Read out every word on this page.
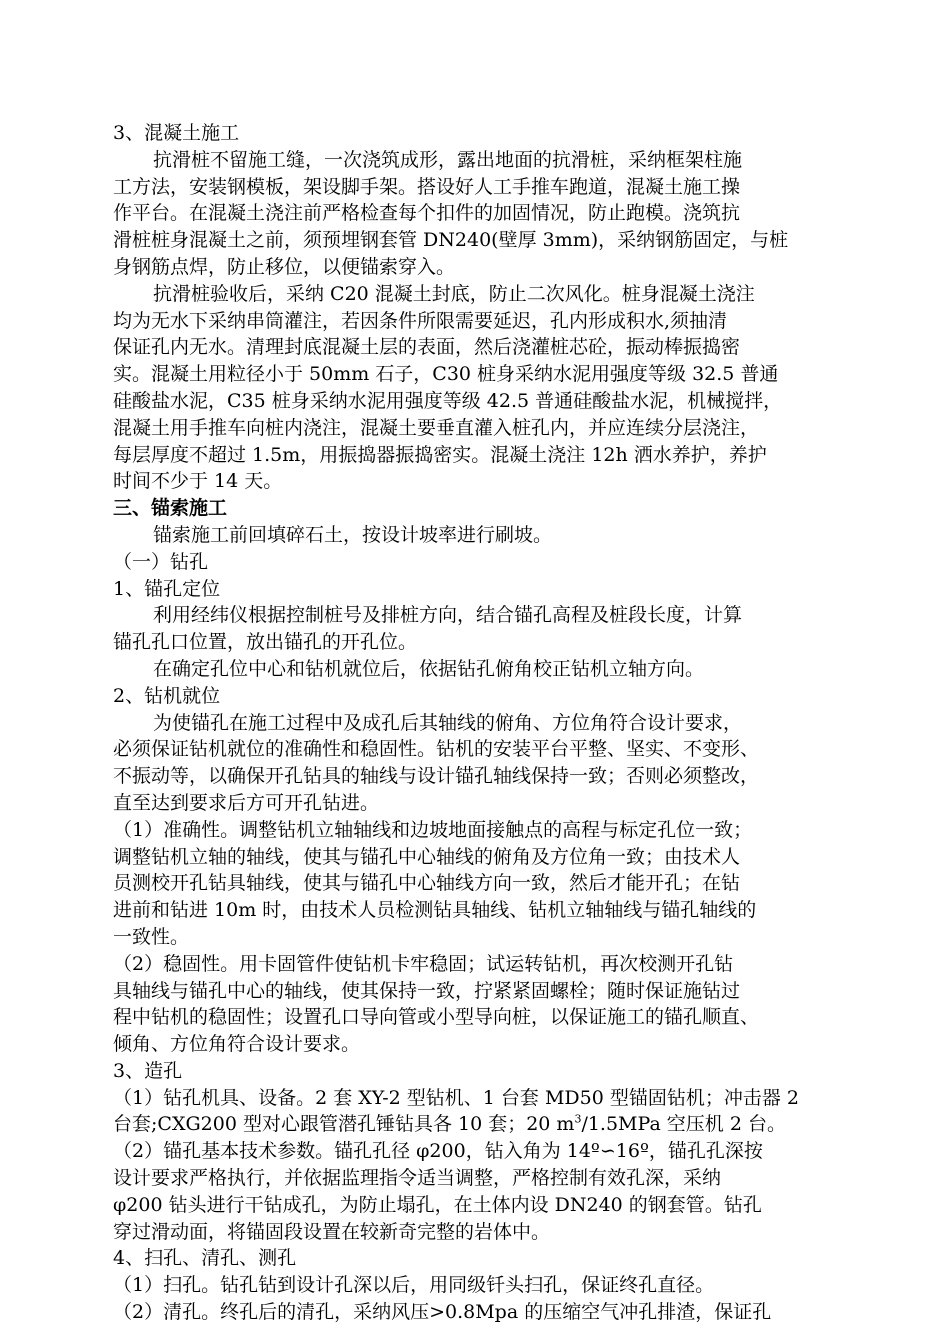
3、混凝土施工
抗滑桩不留施工缝，一次浇筑成形，露出地面的抗滑桩，采纳框架柱施
工方法，安装钢模板，架设脚手架。搭设好人工手推车跑道，混凝土施工操
作平台。在混凝土浇注前严格检查每个扣件的加固情况，防止跑模。浇筑抗
滑桩桩身混凝土之前，须预埋钢套管 DN240(壁厚 3mm)，采纳钢筋固定，与桩
身钢筋点焊，防止移位，以便锚索穿入。
抗滑桩验收后，采纳 C20 混凝土封底，防止二次风化。桩身混凝土浇注
均为无水下采纳串筒灌注，若因条件所限需要延迟，孔内形成积水,须抽清
保证孔内无水。清理封底混凝土层的表面，然后浇灌桩芯砼，振动棒振捣密
实。混凝土用粒径小于 50mm 石子，C30 桩身采纳水泥用强度等级 32.5 普通
硅酸盐水泥，C35 桩身采纳水泥用强度等级 42.5 普通硅酸盐水泥，机械搅拌，
混凝土用手推车向桩内浇注，混凝土要垂直灌入桩孔内，并应连续分层浇注，
每层厚度不超过 1.5m，用振捣器振捣密实。混凝土浇注 12h 洒水养护，养护
时间不少于 14 天。
三、锚索施工
锚索施工前回填碎石土，按设计坡率进行刷坡。
（一）钻孔
1、锚孔定位
利用经纬仪根据控制桩号及排桩方向，结合锚孔高程及桩段长度，计算
锚孔孔口位置，放出锚孔的开孔位。
在确定孔位中心和钻机就位后，依据钻孔俯角校正钻机立轴方向。
2、钻机就位
为使锚孔在施工过程中及成孔后其轴线的俯角、方位角符合设计要求，
必须保证钻机就位的准确性和稳固性。钻机的安装平台平整、坚实、不变形、
不振动等，以确保开孔钻具的轴线与设计锚孔轴线保持一致；否则必须整改，
直至达到要求后方可开孔钻进。
（1）准确性。调整钻机立轴轴线和边坡地面接触点的高程与标定孔位一致；
调整钻机立轴的轴线，使其与锚孔中心轴线的俯角及方位角一致；由技术人
员测校开孔钻具轴线，使其与锚孔中心轴线方向一致，然后才能开孔；在钻
进前和钻进 10m 时，由技术人员检测钻具轴线、钻机立轴轴线与锚孔轴线的
一致性。
（2）稳固性。用卡固管件使钻机卡牢稳固；试运转钻机，再次校测开孔钻
具轴线与锚孔中心的轴线，使其保持一致，拧紧紧固螺栓；随时保证施钻过
程中钻机的稳固性；设置孔口导向管或小型导向桩，以保证施工的锚孔顺直、
倾角、方位角符合设计要求。
3、造孔
（1）钻孔机具、设备。2 套 XY-2 型钻机、1 台套 MD50 型锚固钻机；冲击器 2
台套;CXG200 型对心跟管潜孔锤钻具各 10 套；20 $m^3/1.5MPa$ 空压机 2 台。
（2）锚孔基本技术参数。锚孔孔径 φ200，钻入角为 14º∽16º，锚孔孔深按
设计要求严格执行，并依据监理指令适当调整，严格控制有效孔深，采纳
φ200 钻头进行干钻成孔，为防止塌孔，在土体内设 DN240 的钢套管。钻孔
穿过滑动面，将锚固段设置在较新奇完整的岩体中。
4、扫孔、清孔、测孔
（1）扫孔。钻孔钻到设计孔深以后，用同级钎头扫孔，保证终孔直径。
（2）清孔。终孔后的清孔，采纳风压>0.8Mpa 的压缩空气冲孔排渣，保证孔
